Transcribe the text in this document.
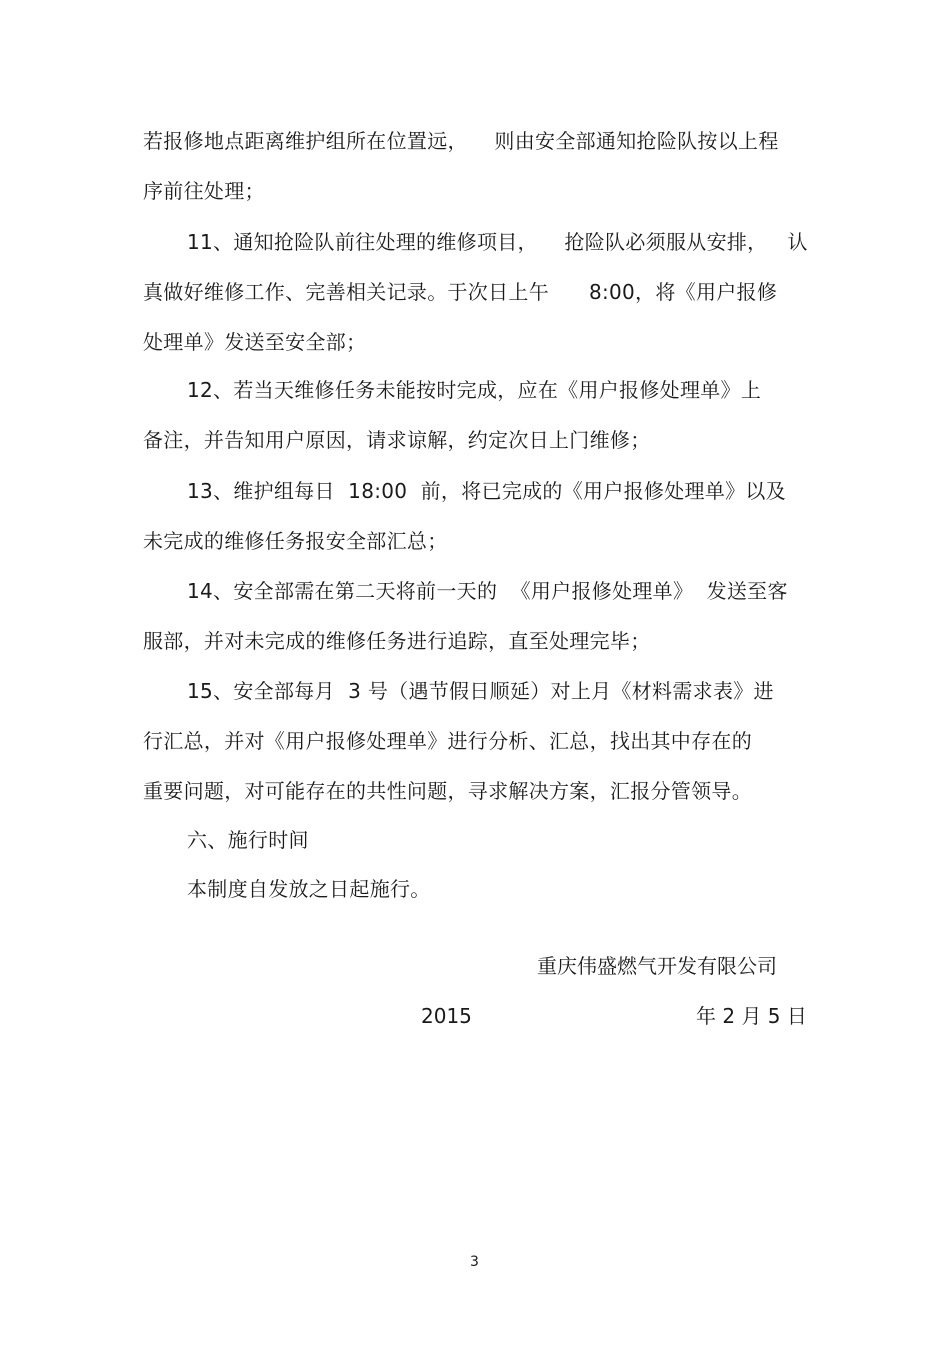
若报修地点距离维护组所在位置远，    则由安全部通知抢险队按以上程
序前往处理；
11、通知抢险队前往处理的维修项目，    抢险队必须服从安排，   认
真做好维修工作、完善相关记录。于次日上午      8:00，将《用户报修
处理单》发送至安全部；
12、若当天维修任务未能按时完成，应在《用户报修处理单》上
备注，并告知用户原因，请求谅解，约定次日上门维修；
13、维护组每日  18:00  前，将已完成的《用户报修处理单》以及
未完成的维修任务报安全部汇总；
14、安全部需在第二天将前一天的  《用户报修处理单》  发送至客
服部，并对未完成的维修任务进行追踪，直至处理完毕；
15、安全部每月  3 号（遇节假日顺延）对上月《材料需求表》进
行汇总，并对《用户报修处理单》进行分析、汇总，找出其中存在的
重要问题，对可能存在的共性问题，寻求解决方案，汇报分管领导。
六、施行时间
本制度自发放之日起施行。
重庆伟盛燃气开发有限公司
2015	年 2 月 5 日
3
